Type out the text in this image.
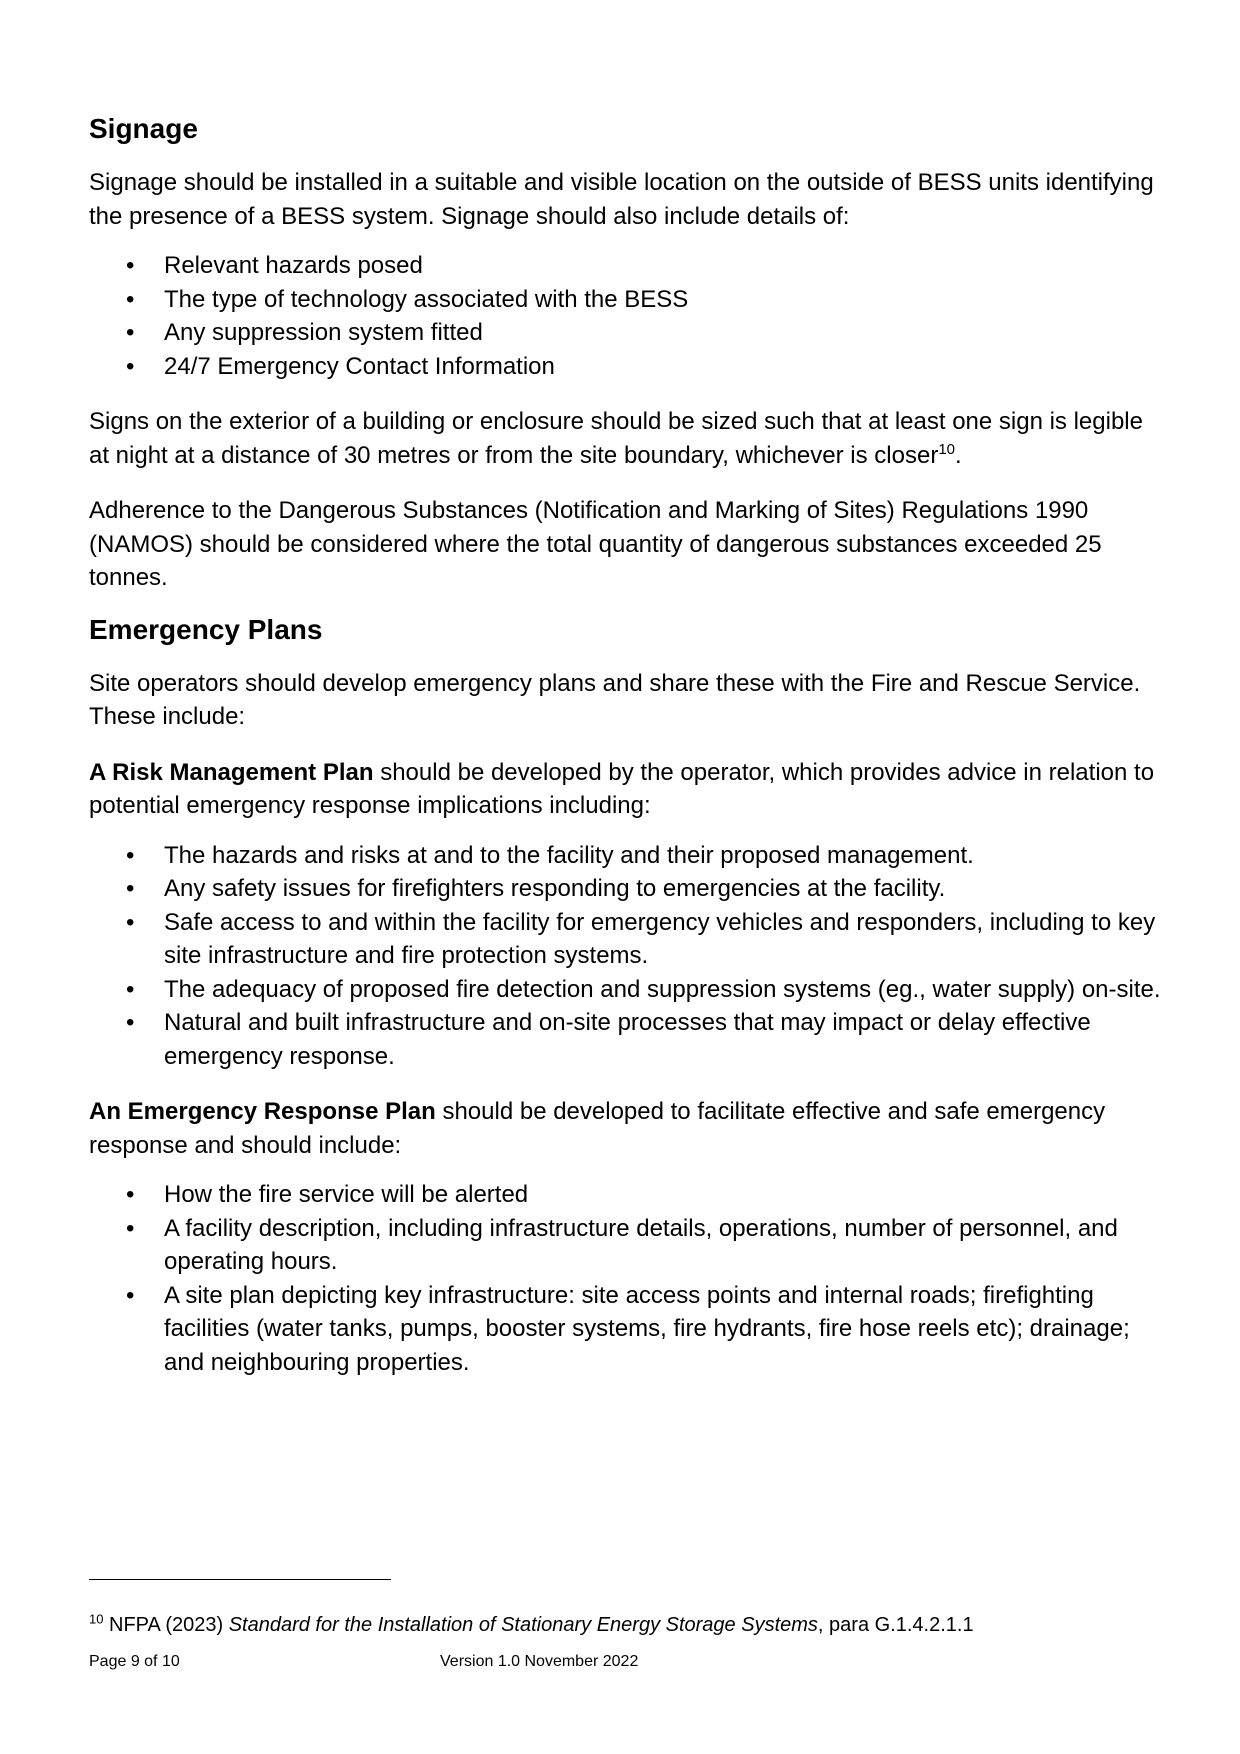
Signage

Signage should be installed in a suitable and visible location on the outside of BESS units identifying the presence of a BESS system. Signage should also include details of:

• Relevant hazards posed
• The type of technology associated with the BESS
• Any suppression system fitted
• 24/7 Emergency Contact Information

Signs on the exterior of a building or enclosure should be sized such that at least one sign is legible at night at a distance of 30 metres or from the site boundary, whichever is closer$^{10}$.

Adherence to the Dangerous Substances (Notification and Marking of Sites) Regulations 1990 (NAMOS) should be considered where the total quantity of dangerous substances exceeded 25 tonnes.

Emergency Plans

Site operators should develop emergency plans and share these with the Fire and Rescue Service. These include:

A Risk Management Plan should be developed by the operator, which provides advice in relation to potential emergency response implications including:

• The hazards and risks at and to the facility and their proposed management.
• Any safety issues for firefighters responding to emergencies at the facility.
• Safe access to and within the facility for emergency vehicles and responders, including to key site infrastructure and fire protection systems.
• The adequacy of proposed fire detection and suppression systems (eg., water supply) on-site.
• Natural and built infrastructure and on-site processes that may impact or delay effective emergency response.

An Emergency Response Plan should be developed to facilitate effective and safe emergency response and should include:

• How the fire service will be alerted
• A facility description, including infrastructure details, operations, number of personnel, and operating hours.
• A site plan depicting key infrastructure: site access points and internal roads; firefighting facilities (water tanks, pumps, booster systems, fire hydrants, fire hose reels etc); drainage; and neighbouring properties.
$^{10}$ NFPA (2023) Standard for the Installation of Stationary Energy Storage Systems, para G.1.4.2.1.1
Page 9 of 10	Version 1.0 November 2022
